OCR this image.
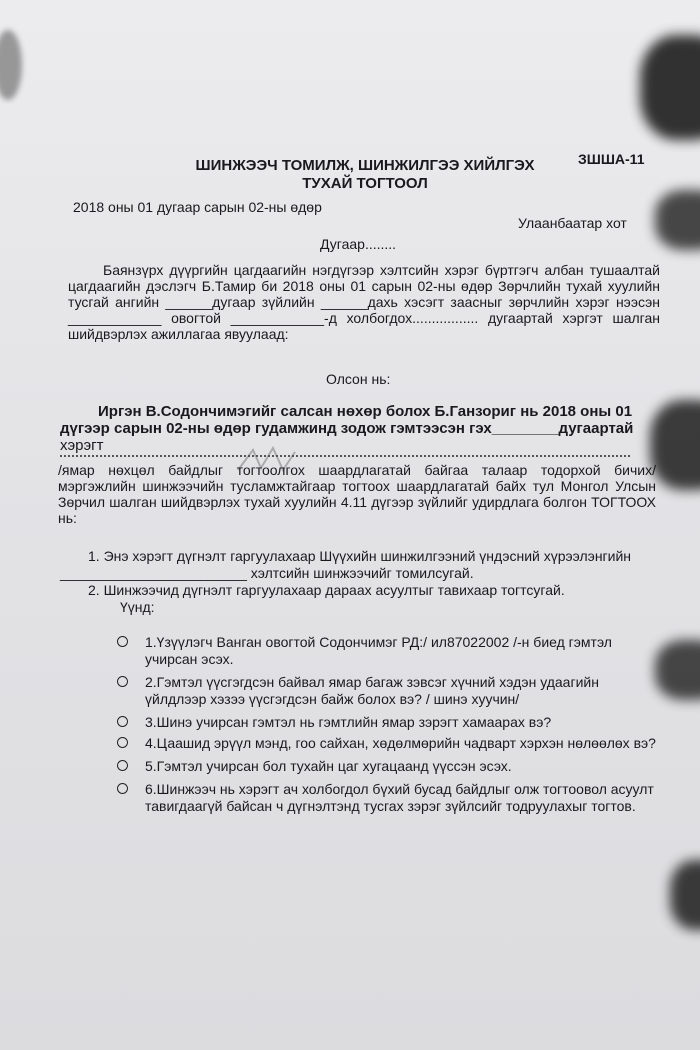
ЗШША-11
ШИНЖЭЭЧ ТОМИЛЖ, ШИНЖИЛГЭЭ ХИЙЛГЭХ
ТУХАЙ ТОГТООЛ
2018 оны 01 дугаар сарын 02-ны өдөр
Улаанбаатар хот
Дугаар........
Баянзүрх дүүргийн цагдаагийн нэгдүгээр хэлтсийн хэрэг бүртгэгч албан тушаалтай цагдаагийн дэслэгч Б.Тамир би 2018 оны 01 сарын 02-ны өдөр Зөрчлийн тухай хуулийн тусгай ангийн ______дугаар зүйлийн ______дахь хэсэгт заасныг зөрчлийн хэрэг нээсэн ____________ овогтой ____________-д холбогдох................. дугаартай хэргэт шалган шийдвэрлэх ажиллагаа явуулаад:
Олсон нь:
Иргэн В.Содончимэгийг салсан нөхөр болох Б.Ганзориг нь 2018 оны 01 дүгээр сарын 02-ны өдөр гудамжинд зодож гэмтээсэн гэх________дугаартай
хэрэгт
/ямар нөхцөл байдлыг тогтоолгох шаардлагатай байгаа талаар тодорхой бичих/ мэргэжлийн шинжээчийн тусламжтайгаар тогтоох шаардлагатай байх тул Монгол Улсын Зөрчил шалган шийдвэрлэх тухай хуулийн 4.11 дүгээр зүйлийг удирдлага болгон ТОГТООХ нь:
1. Энэ хэрэгт дүгнэлт гаргуулахаар Шүүхийн шинжилгээний үндэсний хүрээлэнгийн ________________________ хэлтсийн шинжээчийг томилсугай.
2. Шинжээчид дүгнэлт гаргуулахаар дараах асуултыг тавихаар тогтсугай.
Үүнд:
1.Үзүүлэгч Ванган овогтой Содончимэг РД:/ ил87022002 /-н биед гэмтэл учирсан эсэх.
2.Гэмтэл үүсгэгдсэн байвал ямар багаж зэвсэг хүчний хэдэн удаагийн үйлдлээр хэзээ үүсгэгдсэн байж болох вэ? / шинэ хуучин/
3.Шинэ учирсан гэмтэл нь гэмтлийн ямар зэрэгт хамаарах вэ?
4.Цаашид эрүүл мэнд, гоо сайхан, хөдөлмөрийн чадварт хэрхэн нөлөөлөх вэ?
5.Гэмтэл учирсан бол тухайн цаг хугацаанд үүссэн эсэх.
6.Шинжээч нь хэрэгт ач холбогдол бүхий бусад байдлыг олж тогтоовол асуулт тавигдаагүй байсан ч дүгнэлтэнд тусгах зэрэг зүйлсийг тодруулахыг тогтов.
